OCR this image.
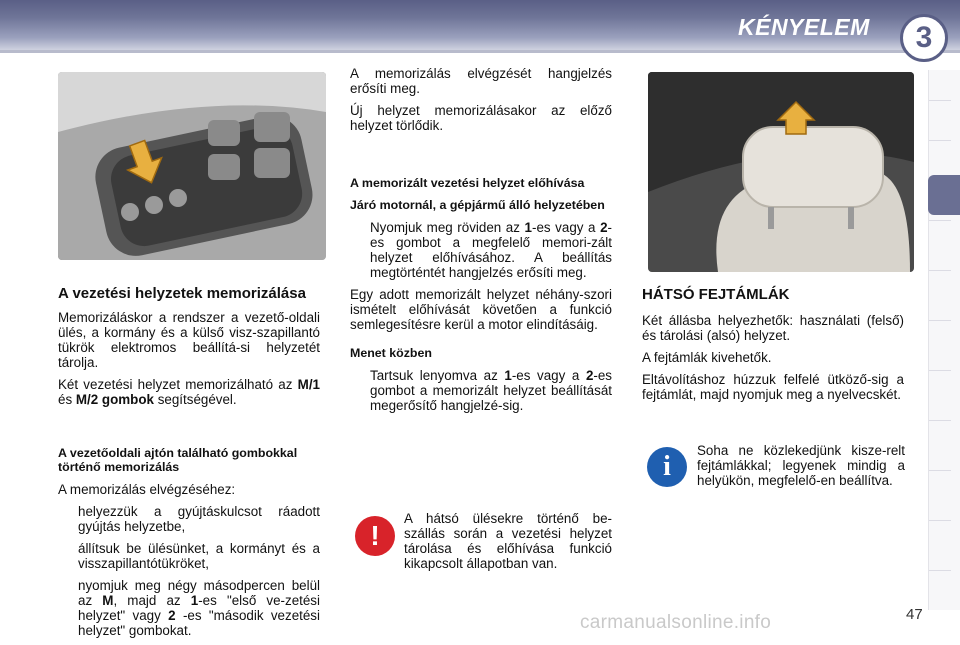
KÉNYELEM 3
A vezetési helyzetek memorizálása

Memorizáláskor a rendszer a vezető-oldali ülés, a kormány és a külső visz-szapillantó tükrök elektromos beállítá-si helyzetét tárolja.

Két vezetési helyzet memorizálható az M/1 és M/2 gombok segítségével.

A vezetőoldali ajtón található gombokkal történő memorizálás

A memorizálás elvégzéséhez:

helyezzük a gyújtáskulcsot ráadott gyújtás helyzetbe,
állítsuk be ülésünket, a kormányt és a visszapillantótükröket,
nyomjuk meg négy másodpercen belül az M, majd az 1-es "első ve-zetési helyzet" vagy 2 -es "második vezetési helyzet" gombokat.

A memorizálás elvégzését hangjelzés erősíti meg.

Új helyzet memorizálásakor az előző helyzet törlődik.

A memorizált vezetési helyzet előhívása
Járó motornál, a gépjármű álló helyzetében
Nyomjuk meg röviden az 1-es vagy a 2-es gombot a megfelelő memori-zált helyzet előhívásához. A beállítás megtörténtét hangjelzés erősíti meg.

Egy adott memorizált helyzet néhány-szori ismételt előhívását követően a funkció semlegesítésre kerül a motor elindításáig.

Menet közben
Tartsuk lenyomva az 1-es vagy a 2-es gombot a memorizált helyzet beállítását megerősítő hangjelzé-sig.
!

A hátsó ülésekre történő be-szállás során a vezetési helyzet tárolása és előhívása funkció kikapcsolt állapotban van.

HÁTSÓ FEJTÁMLÁK

Két állásba helyezhetők: használati (felső) és tárolási (alsó) helyzet.

A fejtámlák kivehetők.

Eltávolításhoz húzzuk felfelé ütköző-sig a fejtámlát, majd nyomjuk meg a nyelvecskét.

i

Soha ne közlekedjünk kisze-relt fejtámlákkal; legyenek mindig a helyükön, megfelelő-en beállítva.

carmanualsonline.info	47
